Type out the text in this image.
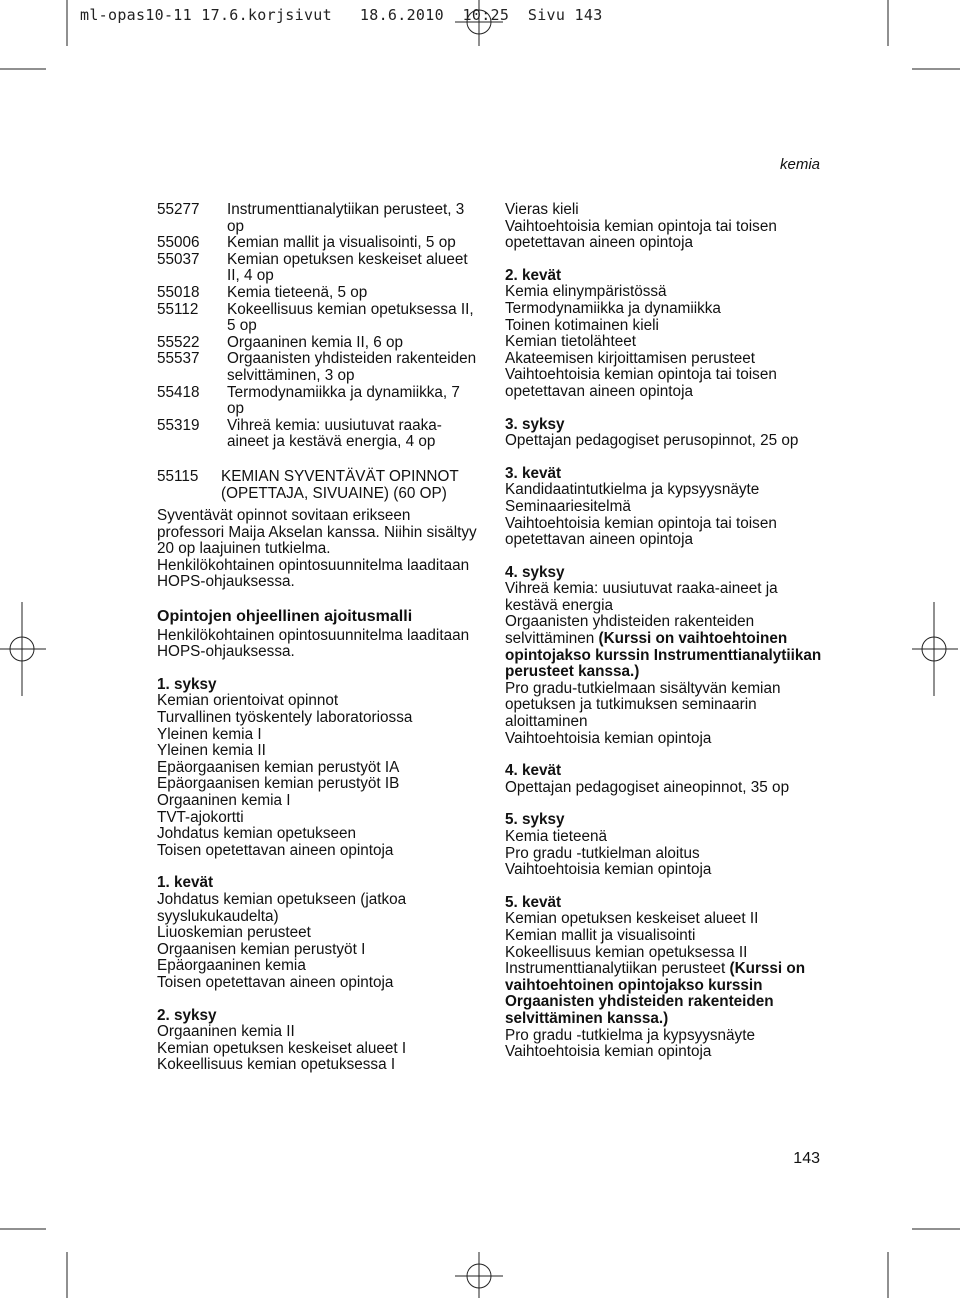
ml-opas10-11 17.6.korjsivut   18.6.2010  10:25  Sivu 143
kemia
55277	Instrumenttianalytiikan perusteet, 3 op
55006	Kemian mallit ja visualisointi, 5 op
55037	Kemian opetuksen keskeiset alueet II, 4 op
55018	Kemia tieteenä, 5 op
55112	Kokeellisuus kemian opetuksessa II, 5 op
55522	Orgaaninen kemia II, 6 op
55537	Orgaanisten yhdisteiden rakenteiden selvittäminen, 3 op
55418	Termodynamiikka ja dynamiikka, 7 op
55319	Vihreä kemia: uusiutuvat raaka-aineet ja kestävä energia, 4 op
55115	KEMIAN SYVENTÄVÄT OPINNOT (OPETTAJA, SIVUAINE) (60 OP)
Syventävät opinnot sovitaan erikseen professori Maija Akselan kanssa. Niihin sisältyy 20 op laajuinen tutkielma.
Henkilökohtainen opintosuunnitelma laaditaan HOPS-ohjauksessa.
Opintojen ohjeellinen ajoitusmalli
Henkilökohtainen opintosuunnitelma laaditaan HOPS-ohjauksessa.
1. syksy
Kemian orientoivat opinnot
Turvallinen työskentely laboratoriossa
Yleinen kemia I
Yleinen kemia II
Epäorgaanisen kemian perustyöt IA
Epäorgaanisen kemian perustyöt IB
Orgaaninen kemia I
TVT-ajokortti
Johdatus kemian opetukseen
Toisen opetettavan aineen opintoja
1. kevät
Johdatus kemian opetukseen (jatkoa syyslukukaudelta)
Liuoskemian perusteet
Orgaanisen kemian perustyöt I
Epäorgaaninen kemia
Toisen opetettavan aineen opintoja
2. syksy
Orgaaninen kemia II
Kemian opetuksen keskeiset alueet I
Kokeellisuus kemian opetuksessa I
Vieras kieli
Vaihtoehtoisia kemian opintoja tai toisen opetettavan aineen opintoja
2. kevät
Kemia elinympäristössä
Termodynamiikka ja dynamiikka
Toinen kotimainen kieli
Kemian tietolähteet
Akateemisen kirjoittamisen perusteet
Vaihtoehtoisia kemian opintoja tai toisen opetettavan aineen opintoja
3. syksy
Opettajan pedagogiset perusopinnot, 25 op
3. kevät
Kandidaatintutkielma ja kypsyysnäyte
Seminaariesitelmä
Vaihtoehtoisia kemian opintoja tai toisen opetettavan aineen opintoja
4. syksy
Vihreä kemia: uusiutuvat raaka-aineet ja kestävä energia
Orgaanisten yhdisteiden rakenteiden selvittäminen (Kurssi on vaihtoehtoinen opintojakso kurssin Instrumenttianalytiikan perusteet kanssa.)
Pro gradu-tutkielmaan sisältyvän kemian opetuksen ja tutkimuksen seminaarin aloittaminen
Vaihtoehtoisia kemian opintoja
4. kevät
Opettajan pedagogiset aineopinnot, 35 op
5. syksy
Kemia tieteenä
Pro gradu -tutkielman aloitus
Vaihtoehtoisia kemian opintoja
5. kevät
Kemian opetuksen keskeiset alueet II
Kemian mallit ja visualisointi
Kokeellisuus kemian opetuksessa II
Instrumenttianalytiikan perusteet (Kurssi on vaihtoehtoinen opintojakso kurssin Orgaanisten yhdisteiden rakenteiden selvittäminen kanssa.)
Pro gradu -tutkielma ja kypsyysnäyte
Vaihtoehtoisia kemian opintoja
143
